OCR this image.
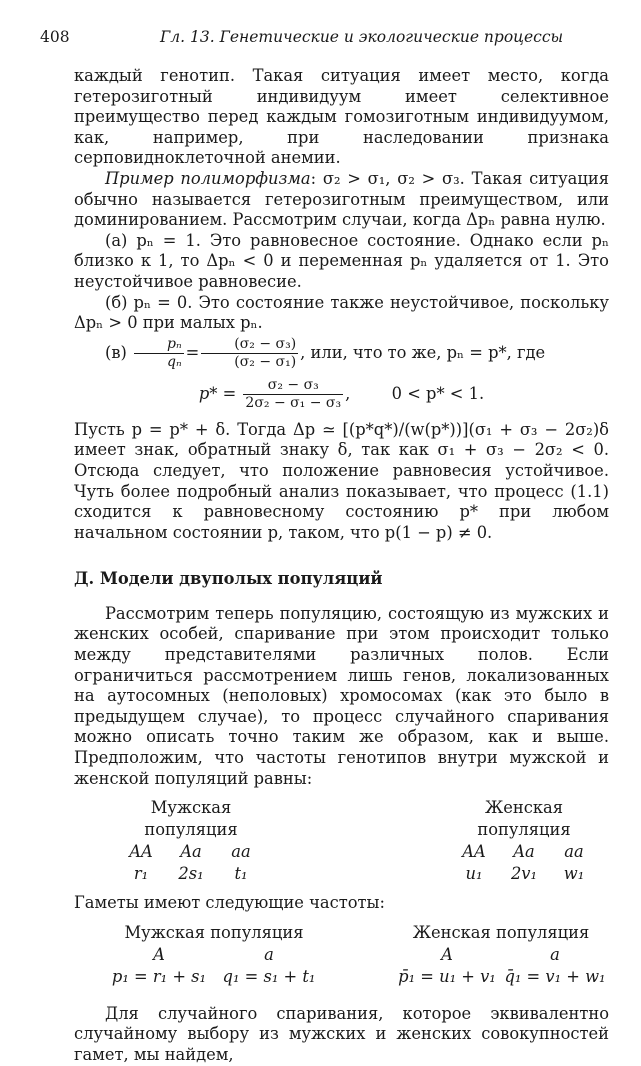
408	Гл. 13. Генетические и экологические процессы

каждый генотип. Такая ситуация имеет место, когда гетерозиготный индивидуум имеет селективное преимущество перед каждым гомозиготным индивидуумом, как, например, при наследовании признака серповидноклеточной анемии.

Пример полиморфизма: σ₂ > σ₁, σ₂ > σ₃. Такая ситуация обычно называется гетерозиготным преимуществом, или доминированием. Рассмотрим случаи, когда Δpₙ равна нулю.

(а) pₙ = 1. Это равновесное состояние. Однако если pₙ близко к 1, то Δpₙ < 0 и переменная pₙ удаляется от 1. Это неустойчивое равновесие.

(б) pₙ = 0. Это состояние также неустойчивое, поскольку Δpₙ > 0 при малых pₙ.

$(в) \frac{\text{pₙ}}{\text{qₙ}} = \frac{\text{(σ₂ − σ₃)}}{\text{(σ₂ − σ₁)}}$ , или, что то же, pₙ = p*, где

$p* = \frac{\text{σ₂ − σ₃}}{\text{2σ₂ − σ₁ − σ₃}}$ ,        0 < p* < 1.

Пусть p = p* + δ. Тогда Δp ≃ [(p*q*)/(w(p*))](σ₁ + σ₃ − 2σ₂)δ имеет знак, обратный знаку δ, так как σ₁ + σ₃ − 2σ₂ < 0. Отсюда следует, что положение равновесия устойчивое. Чуть более подробный анализ показывает, что процесс (1.1) сходится к равновесному состоянию p* при любом начальном состоянии p, таком, что p(1 − p) ≠ 0.

Д. Модели двуполых популяций

Рассмотрим теперь популяцию, состоящую из мужских и женских особей, спаривание при этом происходит только между представителями различных полов. Если ограничиться рассмотрением лишь генов, локализованных на аутосомных (неполовых) хромосомах (как это было в предыдущем случае), то процесс случайного спаривания можно описать точно таким же образом, как и выше. Предположим, что частоты генотипов внутри мужской и женской популяций равны:

Мужская популяция		
AA	Aa	aa
r₁	2s₁	t₁
Женская популяция		
AA	Aa	aa
u₁	2v₁	w₁

Гаметы имеют следующие частоты:

Мужская популяция	
A	a
p₁ = r₁ + s₁	q₁ = s₁ + t₁
Женская популяция	
A	a
p̄₁ = u₁ + v₁	q̄₁ = v₁ + w₁

Для случайного спаривания, которое эквивалентно случайному выбору из мужских и женских совокупностей гамет, мы найдем,
